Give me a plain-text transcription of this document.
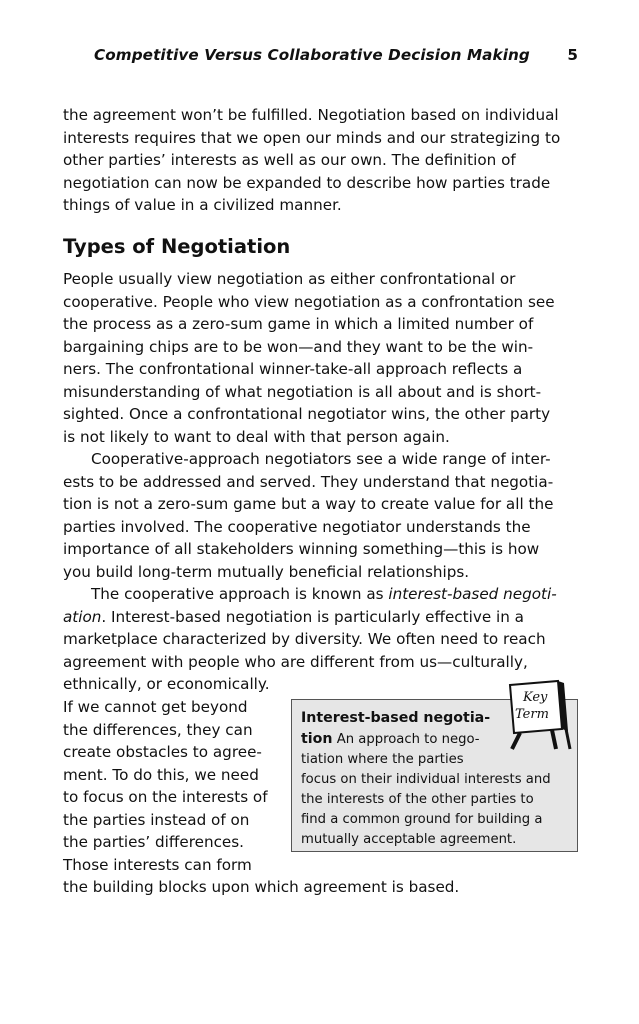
Competitive Versus Collaborative Decision Making 5
the agreement won’t be fulfilled. Negotiation based on individual
interests requires that we open our minds and our strategizing to
other parties’ interests as well as our own. The definition of
negotiation can now be expanded to describe how parties trade
things of value in a civilized manner.
Types of Negotiation
People usually view negotiation as either confrontational or
cooperative. People who view negotiation as a confrontation see
the process as a zero-sum game in which a limited number of
bargaining chips are to be won—and they want to be the win-
ners. The confrontational winner-take-all approach reflects a
misunderstanding of what negotiation is all about and is short-
sighted. Once a confrontational negotiator wins, the other party
is not likely to want to deal with that person again.
Cooperative-approach negotiators see a wide range of inter-
ests to be addressed and served. They understand that negotia-
tion is not a zero-sum game but a way to create value for all the
parties involved. The cooperative negotiator understands the
importance of all stakeholders winning something—this is how
you build long-term mutually beneficial relationships.
The cooperative approach is known as interest-based negoti-
ation. Interest-based negotiation is particularly effective in a
marketplace characterized by diversity. We often need to reach
agreement with people who are different from us—culturally,
ethnically, or economically.
If we cannot get beyond
the differences, they can
create obstacles to agree-
ment. To do this, we need
to focus on the interests of
the parties instead of on
the parties’ differences.
Those interests can form
the building blocks upon which agreement is based.
Interest-based negotia-
tion An approach to nego-
tiation where the parties
focus on their individual interests and
the interests of the other parties to
find a common ground for building a
mutually acceptable agreement.
Key
Term
